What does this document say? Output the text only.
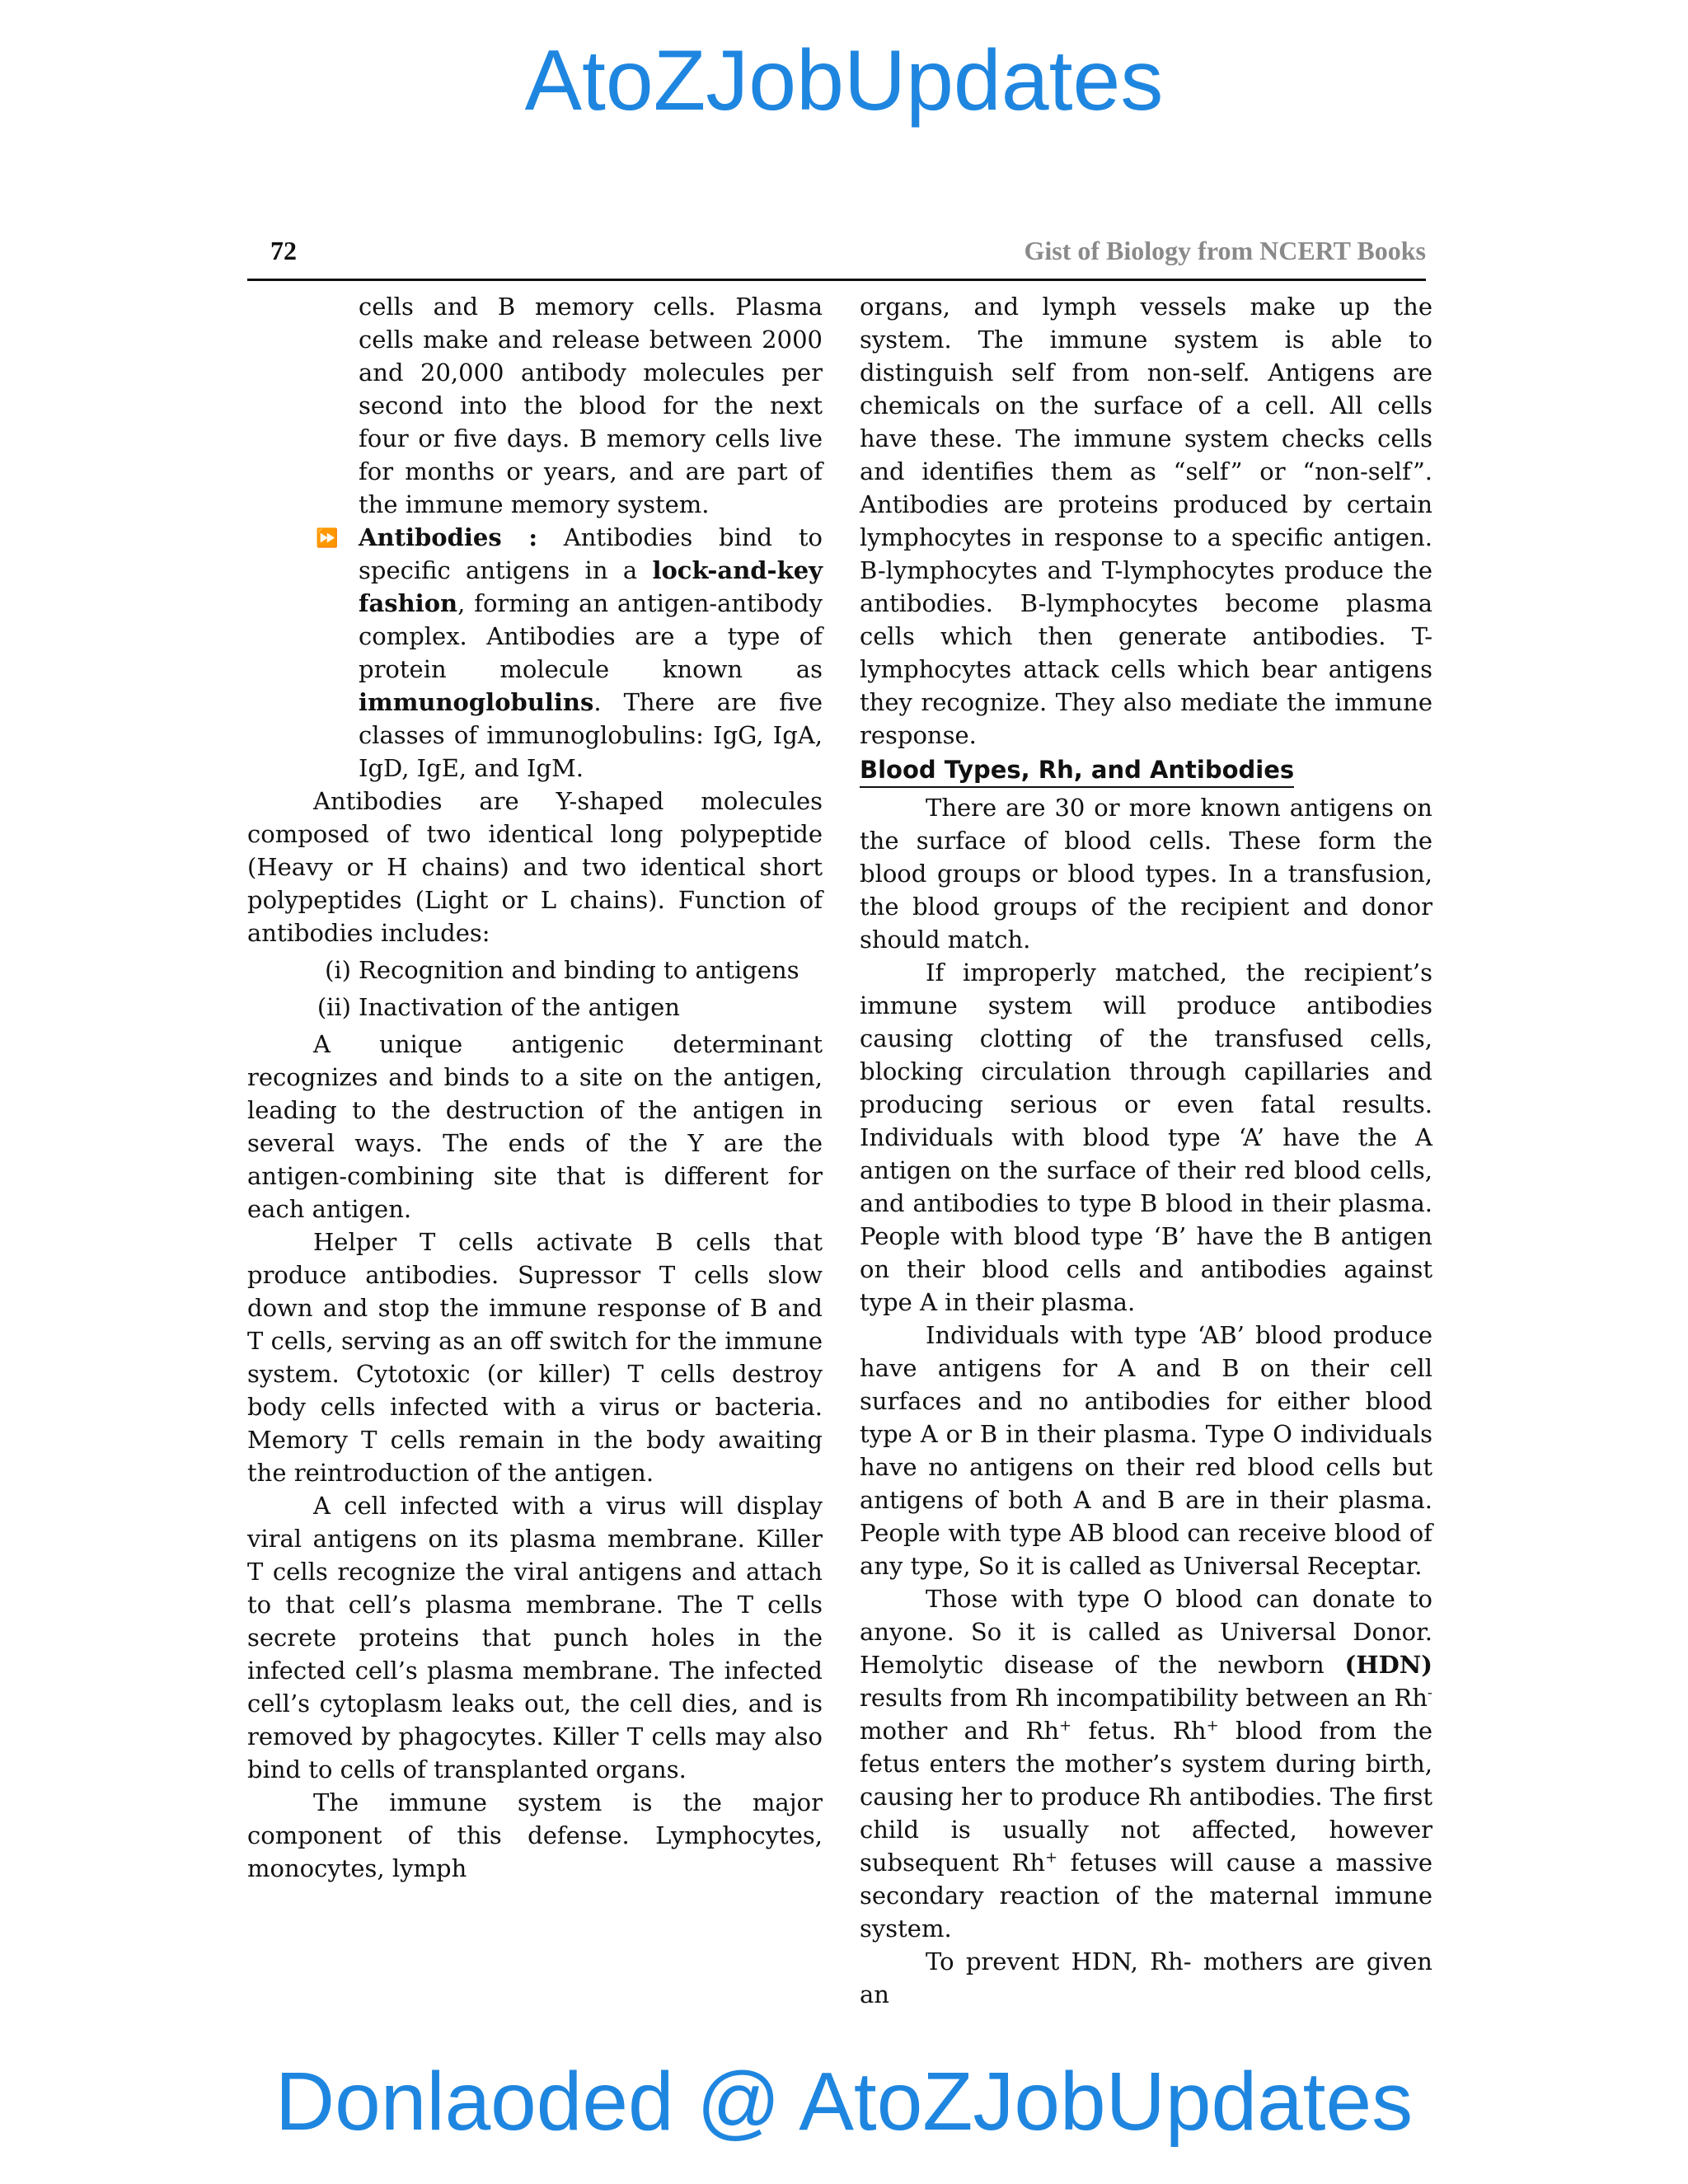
AtoZJobUpdates
72	Gist of Biology from NCERT Books

cells and B memory cells. Plasma cells make and release between 2000 and 20,000 antibody molecules per second into the blood for the next four or five days. B memory cells live for months or years, and are part of the immune memory system.

⏩ Antibodies : Antibodies bind to specific antigens in a lock-and-key fashion, forming an antigen-antibody complex. Antibodies are a type of protein molecule known as immunoglobulins. There are five classes of immunoglobulins: IgG, IgA, IgD, IgE, and IgM.

Antibodies are Y-shaped molecules composed of two identical long polypeptide (Heavy or H chains) and two identical short polypeptides (Light or L chains). Function of antibodies includes:

(i) Recognition and binding to antigens

(ii) Inactivation of the antigen

A unique antigenic determinant recognizes and binds to a site on the antigen, leading to the destruction of the antigen in several ways. The ends of the Y are the antigen-combining site that is different for each antigen.

Helper T cells activate B cells that produce antibodies. Supressor T cells slow down and stop the immune response of B and T cells, serving as an off switch for the immune system. Cytotoxic (or killer) T cells destroy body cells infected with a virus or bacteria. Memory T cells remain in the body awaiting the reintroduction of the antigen.

A cell infected with a virus will display viral antigens on its plasma membrane. Killer T cells recognize the viral antigens and attach to that cell’s plasma membrane. The T cells secrete proteins that punch holes in the infected cell’s plasma membrane. The infected cell’s cytoplasm leaks out, the cell dies, and is removed by phagocytes. Killer T cells may also bind to cells of transplanted organs.

The immune system is the major component of this defense. Lymphocytes, monocytes, lymph

organs, and lymph vessels make up the system. The immune system is able to distinguish self from non-self. Antigens are chemicals on the surface of a cell. All cells have these. The immune system checks cells and identifies them as “self” or “non-self”. Antibodies are proteins produced by certain lymphocytes in response to a specific antigen. B-lymphocytes and T-lymphocytes produce the antibodies. B-lymphocytes become plasma cells which then generate antibodies. T-lymphocytes attack cells which bear antigens they recognize. They also mediate the immune response.

Blood Types, Rh, and Antibodies

There are 30 or more known antigens on the surface of blood cells. These form the blood groups or blood types. In a transfusion, the blood groups of the recipient and donor should match.

If improperly matched, the recipient’s immune system will produce antibodies causing clotting of the transfused cells, blocking circulation through capillaries and producing serious or even fatal results. Individuals with blood type ‘A’ have the A antigen on the surface of their red blood cells, and antibodies to type B blood in their plasma. People with blood type ‘B’ have the B antigen on their blood cells and antibodies against type A in their plasma.

Individuals with type ‘AB’ blood produce have antigens for A and B on their cell surfaces and no antibodies for either blood type A or B in their plasma. Type O individuals have no antigens on their red blood cells but antigens of both A and B are in their plasma. People with type AB blood can receive blood of any type, So it is called as Universal Receptar.

Those with type O blood can donate to anyone. So it is called as Universal Donor. Hemolytic disease of the newborn (HDN) results from Rh incompatibility between an Rh- mother and Rh+ fetus. Rh+ blood from the fetus enters the mother’s system during birth, causing her to produce Rh antibodies. The first child is usually not affected, however subsequent Rh+ fetuses will cause a massive secondary reaction of the maternal immune system.

To prevent HDN, Rh- mothers are given an

Donlaoded @ AtoZJobUpdates
